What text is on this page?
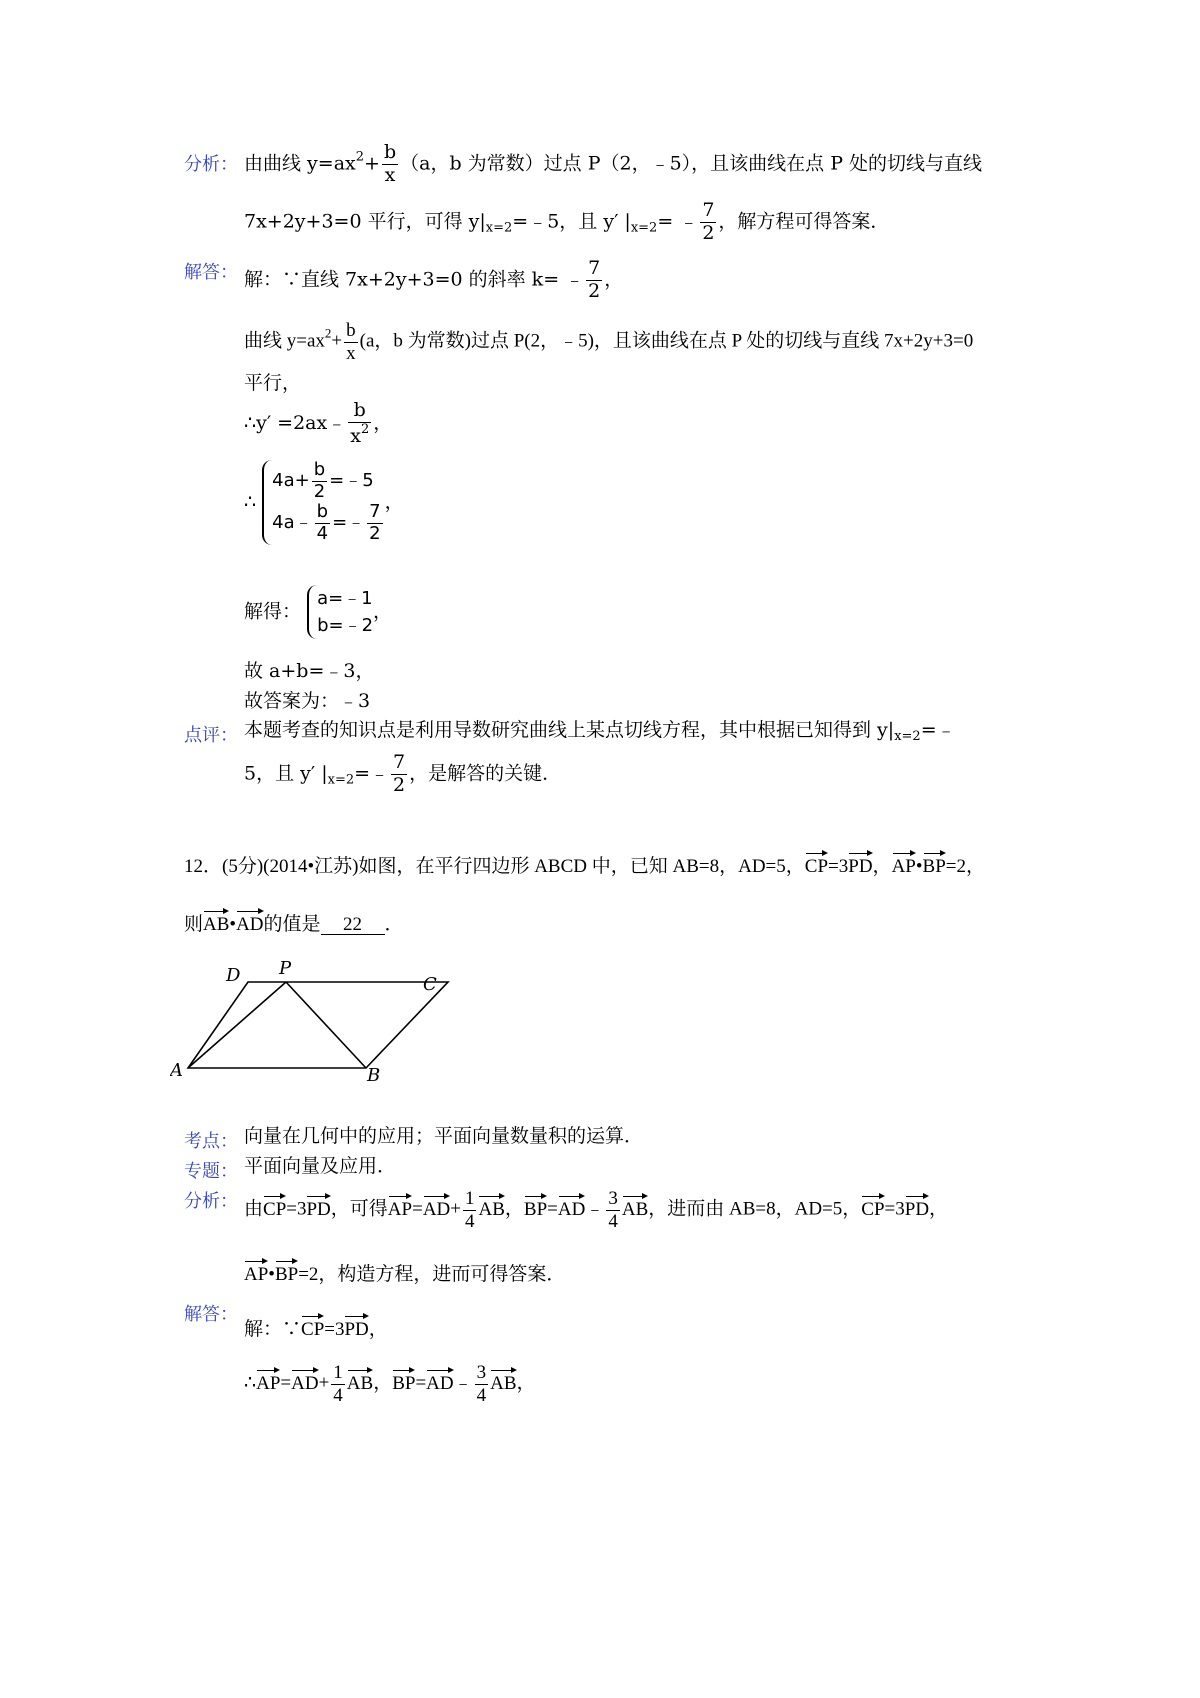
分析： 由曲线 $y=ax^2+ \frac{b}{x} (a$，b 为常数）过点 P（2，﹣5），且该曲线在点 P 处的切线与直线
7x+2y+3=0 平行，可得 $y|_{x=2}=﹣5$，且 y′ $|_{x=2}=$ ﹣ $\frac{7}{2}$ ，解方程可得答案．
解答： 解：∵直线 7x+2y+3=0 的斜率 k= ﹣ $\frac{7}{2}$ ，
曲线 $y=ax^2+ \frac{b}{x} (a$，b 为常数)过点 P(2，﹣5)，且该曲线在点 P 处的切线与直线 7x+2y+3=0
平行，
∴y′ =2ax﹣ $\frac{b}{x^2}$ ，
∴
$4a+ \frac{b}{2}$ =﹣5
4a﹣ $\frac{b}{4}$ =﹣ $\frac{7}{2}$
，
解得：
a=﹣1
b=﹣2
，
故 a+b=﹣3，
故答案为：﹣3
点评： 本题考查的知识点是利用导数研究曲线上某点切线方程，其中根据已知得到 $y|_{x=2}=﹣$
5，且 y′ $|_{x=2}=﹣ \frac{7}{2}$ ，是解答的关键．
12．(5分)(2014•江苏)如图，在平行四边形 ABCD 中，已知 AB=8，AD=5，CP=3PD，AP•BP=2，
则AB•AD的值是 22 ．
D P
C
A	B
考点： 向量在几何中的应用；平面向量数量积的运算．
专题： 平面向量及应用．
分析： 由CP=3PD，可得$AP=AD+ \frac{1}{4}$ AB，BP=AD﹣ $\frac{3}{4}$ AB，进而由 AB=8，AD=5，CP=3PD，
AP•BP=2，构造方程，进而可得答案．
解答：
解：∵CP=3PD，
∴AP=AD+ $\frac{1}{4}$ AB，BP=AD﹣ $\frac{3}{4}$ AB，
